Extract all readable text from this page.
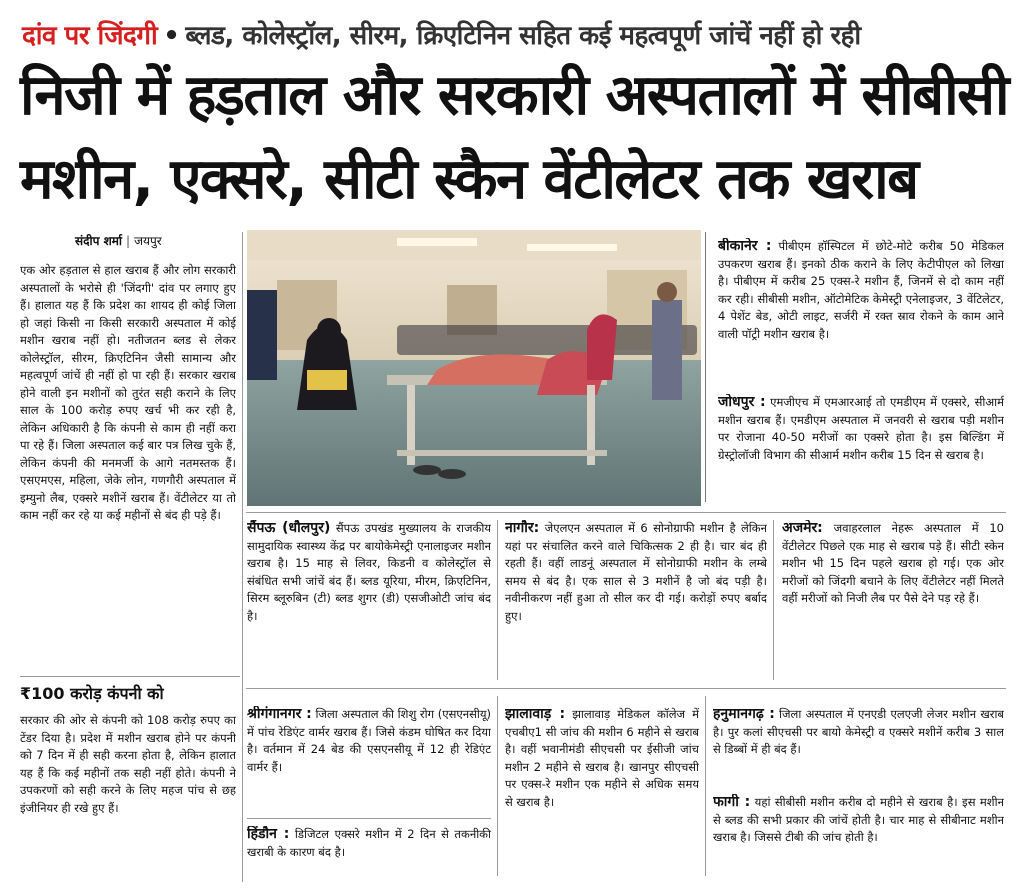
दांव पर जिंदगी • ब्लड, कोलेस्ट्रॉल, सीरम, क्रिएटिनिन सहित कई महत्वपूर्ण जांचें नहीं हो रही
निजी में हड़ताल और सरकारी अस्पतालों में सीबीसी
मशीन, एक्सरे, सीटी स्कैन वेंटीलेटर तक खराब
संदीप शर्मा | जयपुर

एक ओर हड़ताल से हाल खराब हैं और लोग सरकारी अस्पतालों के भरोसे ही 'जिंदगी' दांव पर लगाए हुए हैं। हालात यह हैं कि प्रदेश का शायद ही कोई जिला हो जहां किसी ना किसी सरकारी अस्पताल में कोई मशीन खराब नहीं हो। नतीजतन ब्लड से लेकर कोलेस्ट्रॉल, सीरम, क्रिएटिनिन जैसी सामान्य और महत्वपूर्ण जांचें ही नहीं हो पा रही हैं। सरकार खराब होने वाली इन मशीनों को तुरंत सही कराने के लिए साल के 100 करोड़ रुपए खर्च भी कर रही है, लेकिन अधिकारी है कि कंपनी से काम ही नहीं करा पा रहे हैं। जिला अस्पताल कई बार पत्र लिख चुके हैं, लेकिन कंपनी की मनमर्जी के आगे नतमस्तक हैं। एसएमएस, महिला, जेके लोन, गणगौरी अस्पताल में इम्युनो लैब, एक्सरे मशीनें खराब हैं। वेंटीलेटर या तो काम नहीं कर रहे या कई महीनों से बंद ही पड़े हैं।

₹100 करोड़ कंपनी को

सरकार की ओर से कंपनी को 108 करोड़ रुपए का टेंडर दिया है। प्रदेश में मशीन खराब होने पर कंपनी को 7 दिन में ही सही करना होता है, लेकिन हालात यह हैं कि कई महीनों तक सही नहीं होते। कंपनी ने उपकरणों को सही करने के लिए महज पांच से छह इंजीनियर ही रखे हुए हैं।

बीकानेर : पीबीएम हॉस्पिटल में छोटे-मोटे करीब 50 मेडिकल उपकरण खराब हैं। इनको ठीक कराने के लिए केटीपीएल को लिखा है। पीबीएम में करीब 25 एक्स-रे मशीन हैं, जिनमें से दो काम नहीं कर रही। सीबीसी मशीन, ऑटोमेटिक केमेस्ट्री एनेलाइजर, 3 वेंटिलेटर, 4 पेशेंट बेड, ओटी लाइट, सर्जरी में रक्त स्राव रोकने के काम आने वाली पॉट्री मशीन खराब है।
जोधपुर : एमजीएच में एमआरआई तो एमडीएम में एक्सरे, सीआर्म मशीन खराब हैं। एमडीएम अस्पताल में जनवरी से खराब पड़ी मशीन पर रोजाना 40-50 मरीजों का एक्सरे होता है। इस बिल्डिंग में ग्रेस्ट्रोलॉजी विभाग की सीआर्म मशीन करीब 15 दिन से खराब है।
सैंपऊ (धौलपुर) सैंपऊ उपखंड मुख्यालय के राजकीय सामुदायिक स्वास्थ्य केंद्र पर बायोकेमेस्ट्री एनालाइजर मशीन खराब है। 15 माह से लिवर, किडनी व कोलेस्ट्रॉल से संबंधित सभी जांचें बंद हैं। ब्लड यूरिया, मीरम, क्रिएटिनिन, सिरम ब्लूरुबिन (टी) ब्लड शुगर (डी) एसजीओटी जांच बंद है।
नागौर: जेएलएन अस्पताल में 6 सोनोग्राफी मशीन है लेकिन यहां पर संचालित करने वाले चिकित्सक 2 ही है। चार बंद ही रहती हैं। वहीं लाडनूं अस्पताल में सोनोग्राफी मशीन के लम्बे समय से बंद है। एक साल से 3 मशीनें है जो बंद पड़ी है। नवीनीकरण नहीं हुआ तो सील कर दी गई। करोड़ों रुपए बर्बाद हुए।
अजमेर: जवाहरलाल नेहरू अस्पताल में 10 वेंटीलेटर पिछले एक माह से खराब पड़े हैं। सीटी स्केन मशीन भी 15 दिन पहले खराब हो गई। एक ओर मरीजों को जिंदगी बचाने के लिए वेंटीलेटर नहीं मिलते वहीं मरीजों को निजी लैब पर पैसे देने पड़ रहे हैं।
श्रीगंगानगर : जिला अस्पताल की शिशु रोग (एसएनसीयू) में पांच रेडिएंट वार्मर खराब हैं। जिसे कंडम घोषित कर दिया है। वर्तमान में 24 बेड की एसएनसीयू में 12 ही रेडिएंट वार्मर हैं।
हिंडौन : डिजिटल एक्सरे मशीन में 2 दिन से तकनीकी खराबी के कारण बंद है।
झालावाड़ : झालावाड़ मेडिकल कॉलेज में एचबीए1 सी जांच की मशीन 6 महीने से खराब है। वहीं भवानीमंडी सीएचसी पर ईसीजी जांच मशीन 2 महीने से खराब है। खानपुर सीएचसी पर एक्स-रे मशीन एक महीने से अधिक समय से खराब है।
हनुमानगढ़ : जिला अस्पताल में एनएडी एलएजी लेजर मशीन खराब है। पुर कलां सीएचसी पर बायो केमेस्ट्री व एक्सरे मशीनें करीब 3 साल से डिब्बों में ही बंद हैं।
फागी : यहां सीबीसी मशीन करीब दो महीने से खराब है। इस मशीन से ब्लड की सभी प्रकार की जांचें होती है। चार माह से सीबीनाट मशीन खराब है। जिससे टीबी की जांच होती है।
